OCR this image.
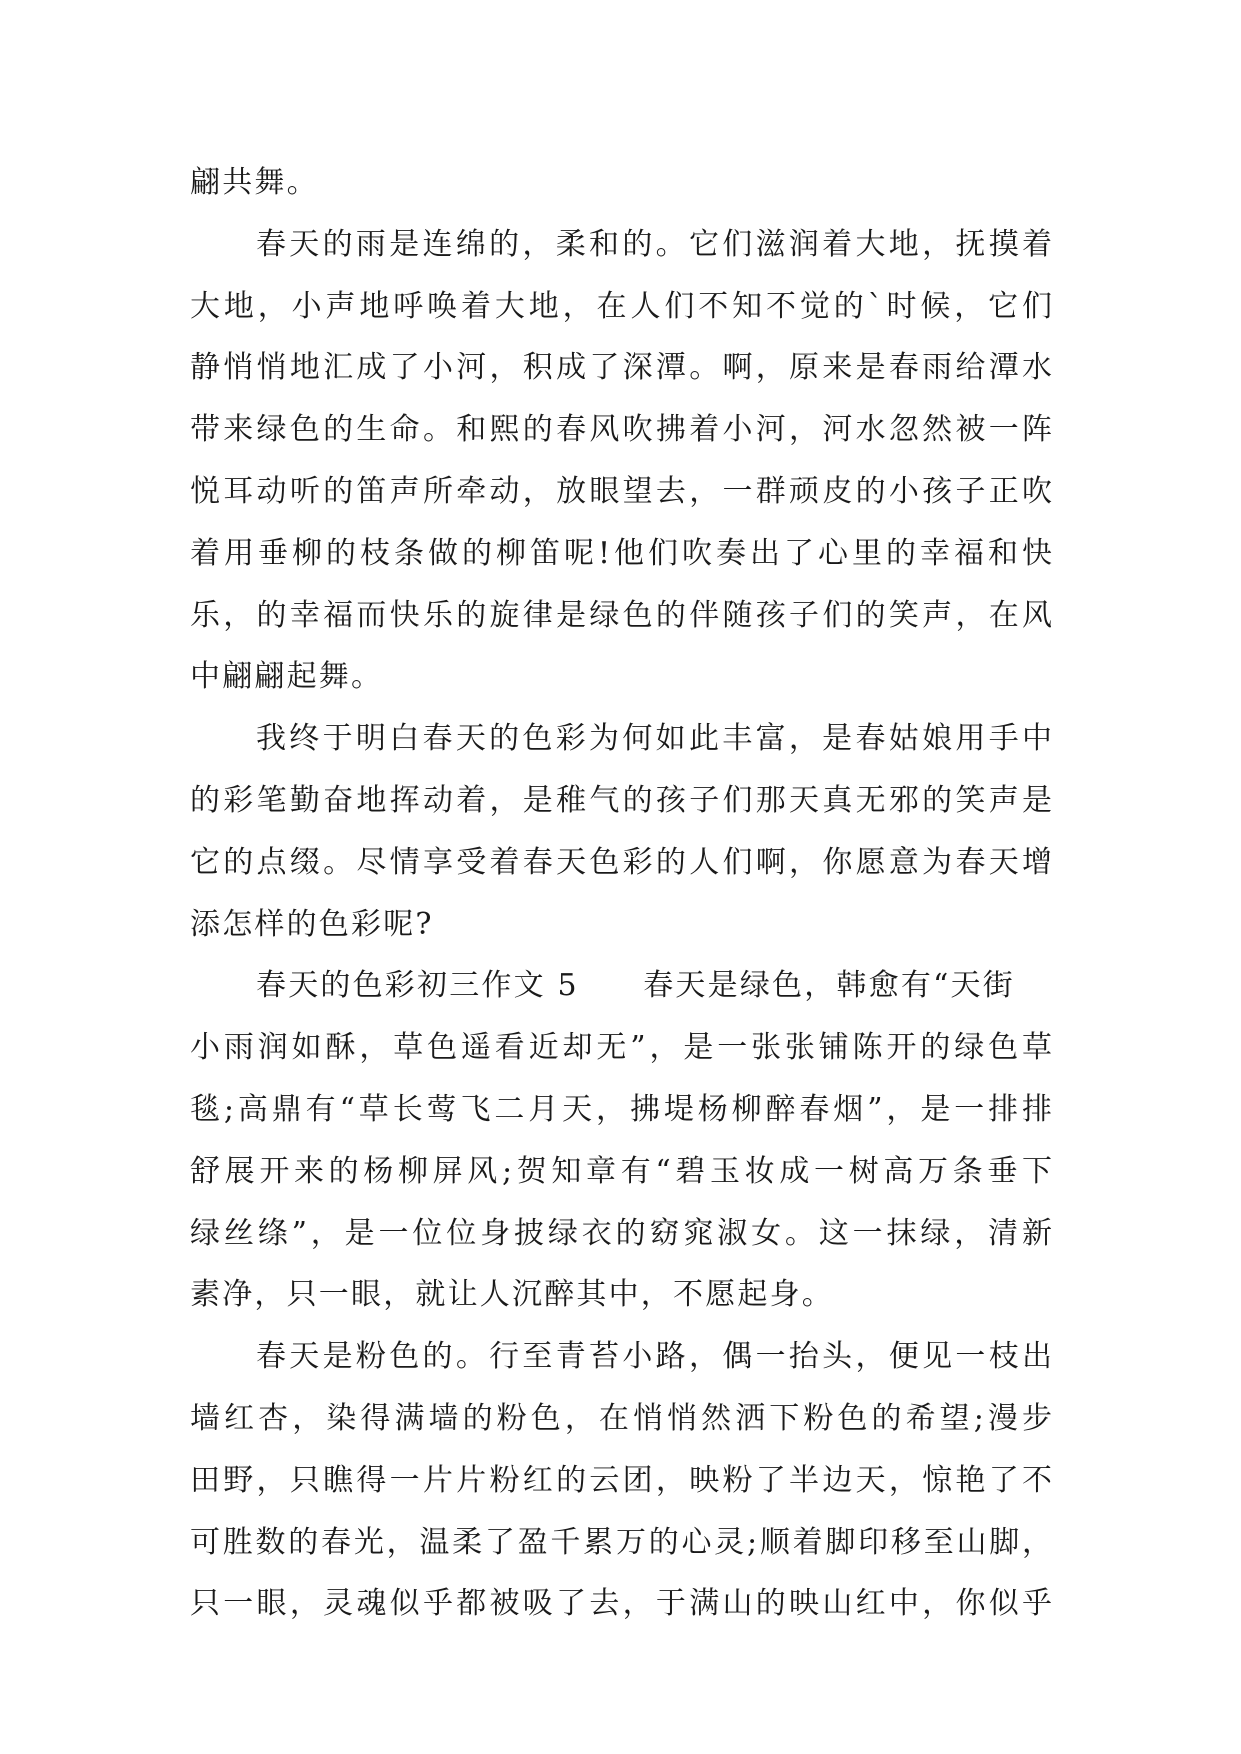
翩共舞。
春天的雨是连绵的，柔和的。它们滋润着大地，抚摸着
大地，小声地呼唤着大地，在人们不知不觉的`时候，它们
静悄悄地汇成了小河，积成了深潭。啊，原来是春雨给潭水
带来绿色的生命。和熙的春风吹拂着小河，河水忽然被一阵
悦耳动听的笛声所牵动，放眼望去，一群顽皮的小孩子正吹
着用垂柳的枝条做的柳笛呢!他们吹奏出了心里的幸福和快
乐，的幸福而快乐的旋律是绿色的伴随孩子们的笑声，在风
中翩翩起舞。
我终于明白春天的色彩为何如此丰富，是春姑娘用手中
的彩笔勤奋地挥动着，是稚气的孩子们那天真无邪的笑声是
它的点缀。尽情享受着春天色彩的人们啊，你愿意为春天增
添怎样的色彩呢?
春天的色彩初三作文 5　　春天是绿色，韩愈有“天街
小雨润如酥，草色遥看近却无”，是一张张铺陈开的绿色草
毯;高鼎有“草长莺飞二月天，拂堤杨柳醉春烟”，是一排排
舒展开来的杨柳屏风;贺知章有“碧玉妆成一树高万条垂下
绿丝绦”，是一位位身披绿衣的窈窕淑女。这一抹绿，清新
素净，只一眼，就让人沉醉其中，不愿起身。
春天是粉色的。行至青苔小路，偶一抬头，便见一枝出
墙红杏，染得满墙的粉色，在悄悄然洒下粉色的希望;漫步
田野，只瞧得一片片粉红的云团，映粉了半边天，惊艳了不
可胜数的春光，温柔了盈千累万的心灵;顺着脚印移至山脚，
只一眼，灵魂似乎都被吸了去，于满山的映山红中，你似乎
